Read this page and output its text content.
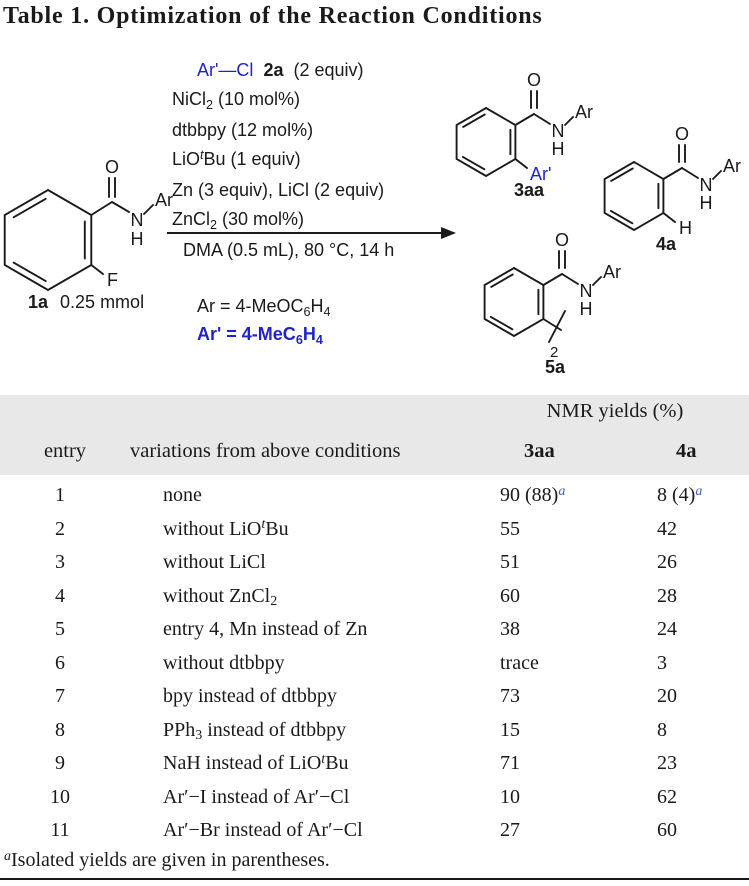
Table 1. Optimization of the Reaction Conditions
O
N
H
Ar
F
1a 0.25 mmol
Ar'—Cl 2a  (2 equiv)
NiCl$_2$ (10 mol%)
dtbbpy (12 mol%)
LiO$^t$Bu (1 equiv)
Zn (3 equiv), LiCl (2 equiv)
ZnCl$_2$ (30 mol%)
DMA (0.5 mL), 80 °C, 14 h
$Ar = 4-MeOC_6H_4$
$Ar' = 4-MeC_6H_4$
O
N
H
Ar
Ar'
3aa
O
N
H
Ar
H
4a
O
N
H
Ar
2
5a
NMR yields (%)
entry	variations from above conditions	3aa	4a
1	none	90 (88)$^a$	8 (4)$^a$
2	without LiO$^t$Bu	55	42
3	without LiCl	51	26
4	without ZnCl$_2$	60	28
5	entry 4, Mn instead of Zn	38	24
6	without dtbbpy	trace	3
7	bpy instead of dtbbpy	73	20
8	PPh$_3$ instead of dtbbpy	15	8
9	NaH instead of LiO$^t$Bu	71	23
10	Ar′−I instead of Ar′−Cl	10	62
11	Ar′−Br instead of Ar′−Cl	27	60
$^a$Isolated yields are given in parentheses.
